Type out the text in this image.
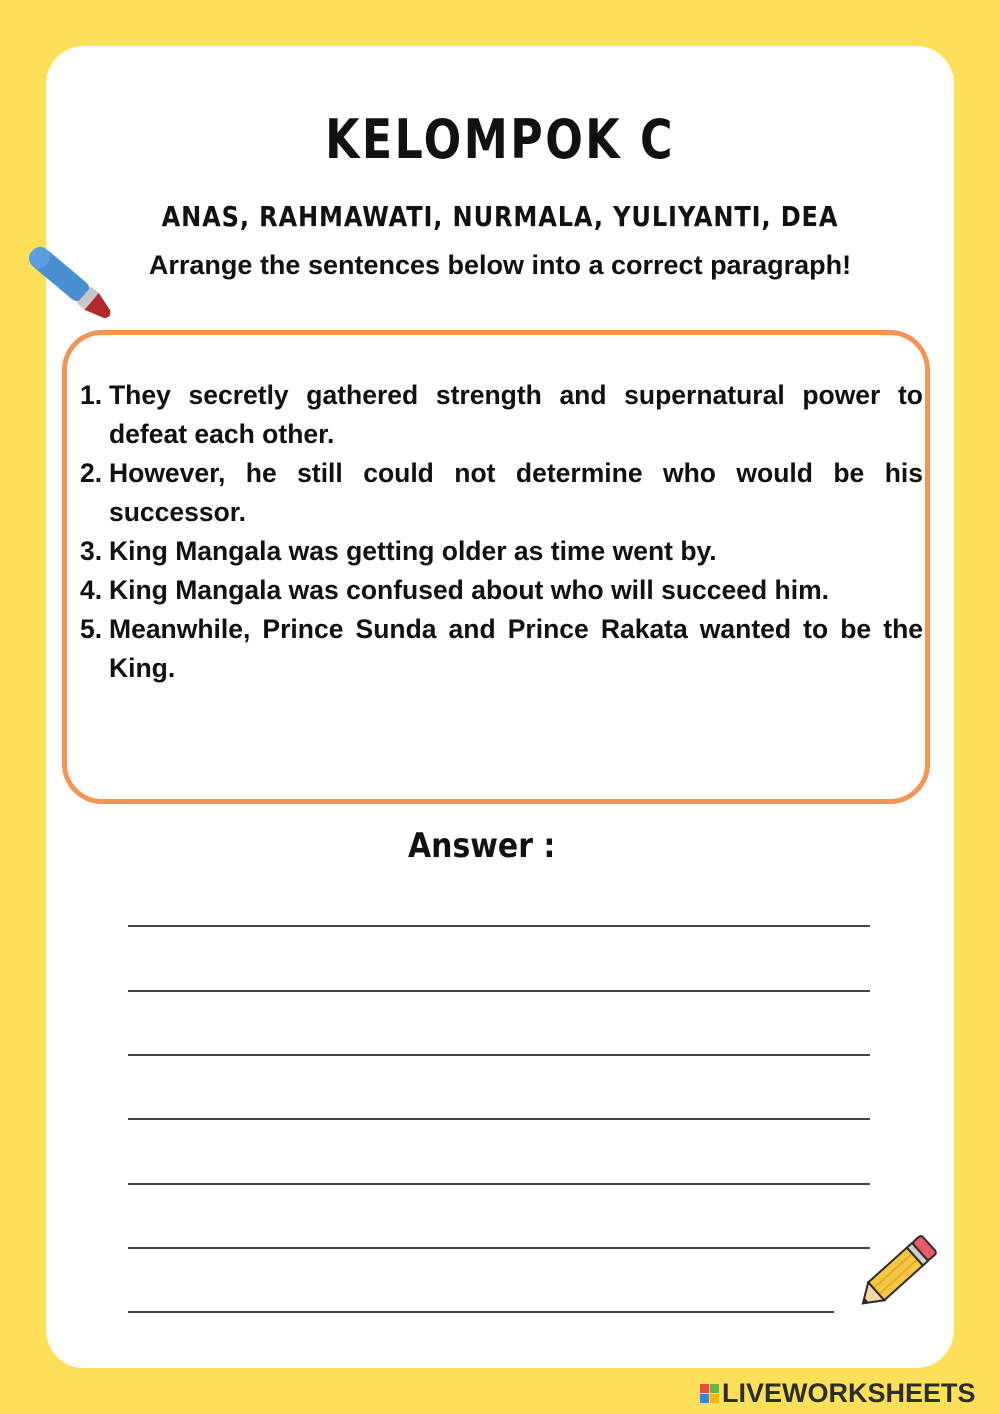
KELOMPOK C
ANAS, RAHMAWATI, NURMALA, YULIYANTI, DEA

Arrange the sentences below into a correct paragraph!

1. They secretly gathered strength and supernatural power to defeat each other.
2. However, he still could not determine who would be his successor.
3. King Mangala was getting older as time went by.
4. King Mangala was confused about who will succeed him.
5. Meanwhile, Prince Sunda and Prince Rakata wanted to be the King.

Answer :

LIVEWORKSHEETS
